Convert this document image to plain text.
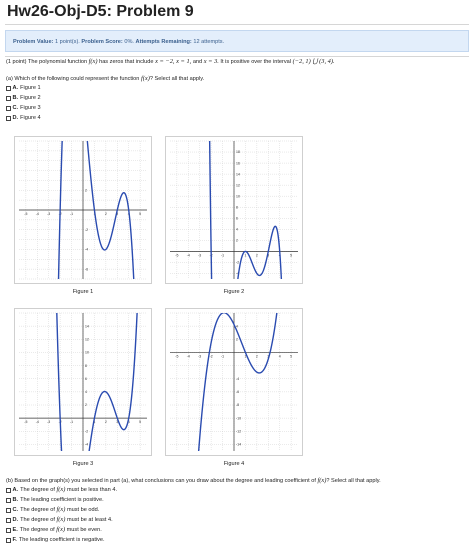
Hw26-Obj-D5: Problem 9
Problem Value: 1 point(s). Problem Score: 0%. Attempts Remaining: 12 attempts.
(1 point) The polynomial function f(x) has zeros that include x = −2, x = 1, and x = 3. It is positive over the interval (−2, 1) ⋃ (3, 4).
(a) Which of the following could represent the function f(x)? Select all that apply.
A. Figure 1
B. Figure 2
C. Figure 3
D. Figure 4
-5 -4 -3 -2 -1	1	2	3	4	5
2
-2
-4
-6
Figure 1
-5 -4 -3 -2 -1	1	2	3	4	5
18
16
14
12
10
8
6
4
2
-2
-4
Figure 2
-5 -4 -3 -2 -1	1	2	3	4	5
14
12
10
8
6
4
2
-2
-4
Figure 3
-5 -4 -3 -2 -1	1	2	3	4	5
4
2
-4
-6
-8
-10
-12
-14
Figure 4
(b) Based on the graph(s) you selected in part (a), what conclusions can you draw about the degree and leading coefficient of f(x)? Select all that apply.
A. The degree of
f(x)
must be less than 4.
B. The leading coefficient is positive.
C. The degree of
f(x)
must be odd.
D. The degree of
f(x)
must be at least 4.
E. The degree of
f(x)
must be even.
F. The leading coefficient is negative.
